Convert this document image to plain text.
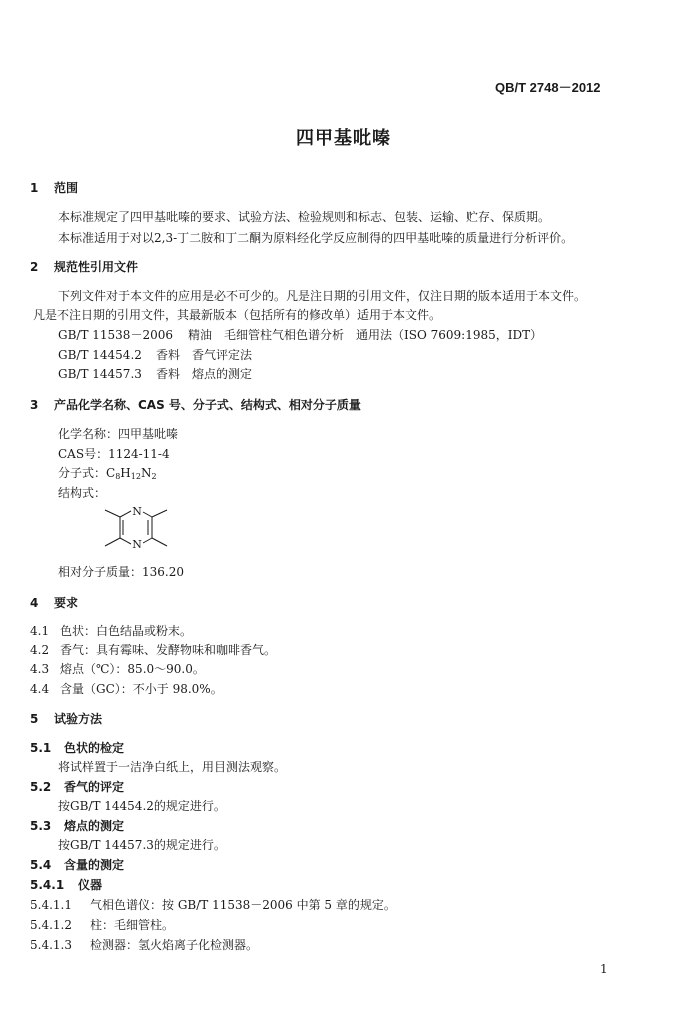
QB/T 2748－2012
四甲基吡嗪
1 范围
本标准规定了四甲基吡嗪的要求、试验方法、检验规则和标志、包装、运输、贮存、保质期。
本标准适用于对以2,3-丁二胺和丁二酮为原料经化学反应制得的四甲基吡嗪的质量进行分析评价。
2 规范性引用文件
下列文件对于本文件的应用是必不可少的。凡是注日期的引用文件，仅注日期的版本适用于本文件。
凡是不注日期的引用文件，其最新版本（包括所有的修改单）适用于本文件。
GB/T 11538－2006 精油　毛细管柱气相色谱分析　通用法（ISO 7609:1985，IDT）
GB/T 14454.2 香料　香气评定法
GB/T 14457.3 香料　熔点的测定
3 产品化学名称、CAS 号、分子式、结构式、相对分子质量
化学名称：四甲基吡嗪
CAS号：1124-11-4
分子式：$C_8H_{12}N_2$
结构式：
N
N
相对分子质量：136.20
4 要求
4.1 色状：白色结晶或粉末。
4.2 香气：具有霉味、发酵物味和咖啡香气。
4.3 熔点（℃）：85.0～90.0。
4.4 含量（GC）：不小于 98.0%。
5 试验方法
5.1 色状的检定
将试样置于一洁净白纸上，用目测法观察。
5.2 香气的评定
按GB/T 14454.2的规定进行。
5.3 熔点的测定
按GB/T 14457.3的规定进行。
5.4 含量的测定
5.4.1 仪器
5.4.1.1 气相色谱仪：按 GB/T 11538－2006 中第 5 章的规定。
5.4.1.2 柱：毛细管柱。
5.4.1.3 检测器：氢火焰离子化检测器。
1
